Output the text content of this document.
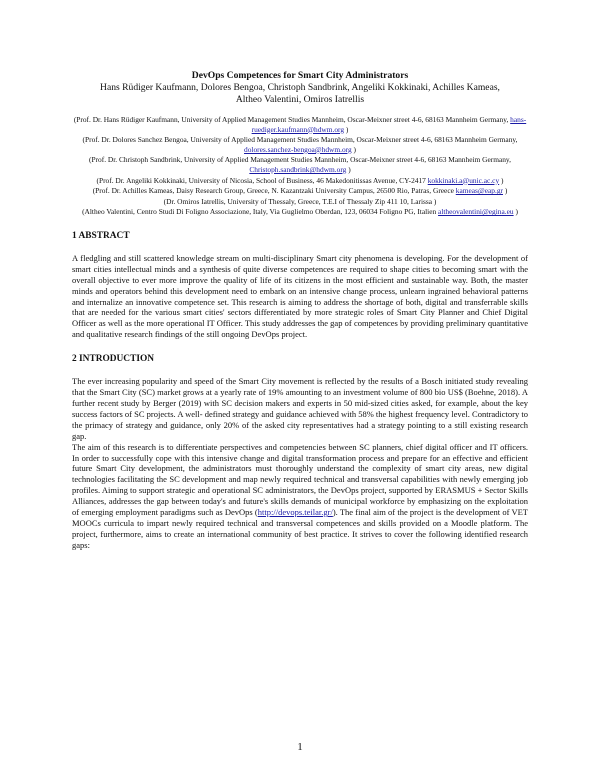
DevOps Competences for Smart City Administrators

Hans Rüdiger Kaufmann, Dolores Bengoa, Christoph Sandbrink, Angeliki Kokkinaki, Achilles Kameas,
Altheo Valentini, Omiros Iatrellis

(Prof. Dr. Hans Rüdiger Kaufmann, University of Applied Management Studies Mannheim, Oscar-Meixner street 4-6, 68163 Mannheim Germany, hans-ruediger.kaufmann@hdwm.org )

(Prof. Dr. Dolores Sanchez Bengoa, University of Applied Management Studies Mannheim, Oscar-Meixner street 4-6, 68163 Mannheim Germany, dolores.sanchez-bengoa@hdwm.org )

(Prof. Dr. Christoph Sandbrink, University of Applied Management Studies Mannheim, Oscar-Meixner street 4-6, 68163 Mannheim Germany, Christoph.sandbrink@hdwm.org )

(Prof. Dr. Angeliki Kokkinaki, University of Nicosia, School of Business, 46 Makedonitissas Avenue, CY-2417 kokkinaki.a@unic.ac.cy )

(Prof. Dr. Achilles Kameas, Daisy Research Group, Greece, N. Kazantzaki University Campus, 26500 Rio, Patras, Greece kameas@eap.gr )

(Dr. Omiros Iatrellis, University of Thessaly, Greece, T.E.I of Thessaly Zip 411 10, Larissa )

(Altheo Valentini, Centro Studi Di Foligno Associazione, Italy, Via Guglielmo Oberdan, 123, 06034 Foligno PG, Italien altheovalentini@egina.eu )

1 ABSTRACT

A fledgling and still scattered knowledge stream on multi-disciplinary Smart city phenomena is developing. For the development of smart cities intellectual minds and a synthesis of quite diverse competences are required to shape cities to becoming smart with the overall objective to ever more improve the quality of life of its citizens in the most efficient and sustainable way. Both, the master minds and operators behind this development need to embark on an intensive change process, unlearn ingrained behavioral patterns and internalize an innovative competence set. This research is aiming to address the shortage of both, digital and transferrable skills that are needed for the various smart cities' sectors differentiated by more strategic roles of Smart City Planner and Chief Digital Officer as well as the more operational IT Officer. This study addresses the gap of competences by providing preliminary quantitative and qualitative research findings of the still ongoing DevOps project.

2 INTRODUCTION

The ever increasing popularity and speed of the Smart City movement is reflected by the results of a Bosch initiated study revealing that the Smart City (SC) market grows at a yearly rate of 19% amounting to an investment volume of 800 bio US$ (Boehne, 2018). A further recent study by Berger (2019) with SC decision makers and experts in 50 mid-sized cities asked, for example, about the key success factors of SC projects. A well- defined strategy and guidance achieved with 58% the highest frequency level. Contradictory to the primacy of strategy and guidance, only 20% of the asked city representatives had a strategy pointing to a still existing research gap.

The aim of this research is to differentiate perspectives and competencies between SC planners, chief digital officer and IT officers. In order to successfully cope with this intensive change and digital transformation process and prepare for an effective and efficient future Smart City development, the administrators must thoroughly understand the complexity of smart city areas, new digital technologies facilitating the SC development and map newly required technical and transversal capabilities with newly emerging job profiles. Aiming to support strategic and operational SC administrators, the DevOps project, supported by ERASMUS + Sector Skills Alliances, addresses the gap between today's and future's skills demands of municipal workforce by emphasizing on the exploitation of emerging employment paradigms such as DevOps (http://devops.teilar.gr/). The final aim of the project is the development of VET MOOCs curricula to impart newly required technical and transversal competences and skills provided on a Moodle platform. The project, furthermore, aims to create an international community of best practice. It strives to cover the following identified research gaps:

1
